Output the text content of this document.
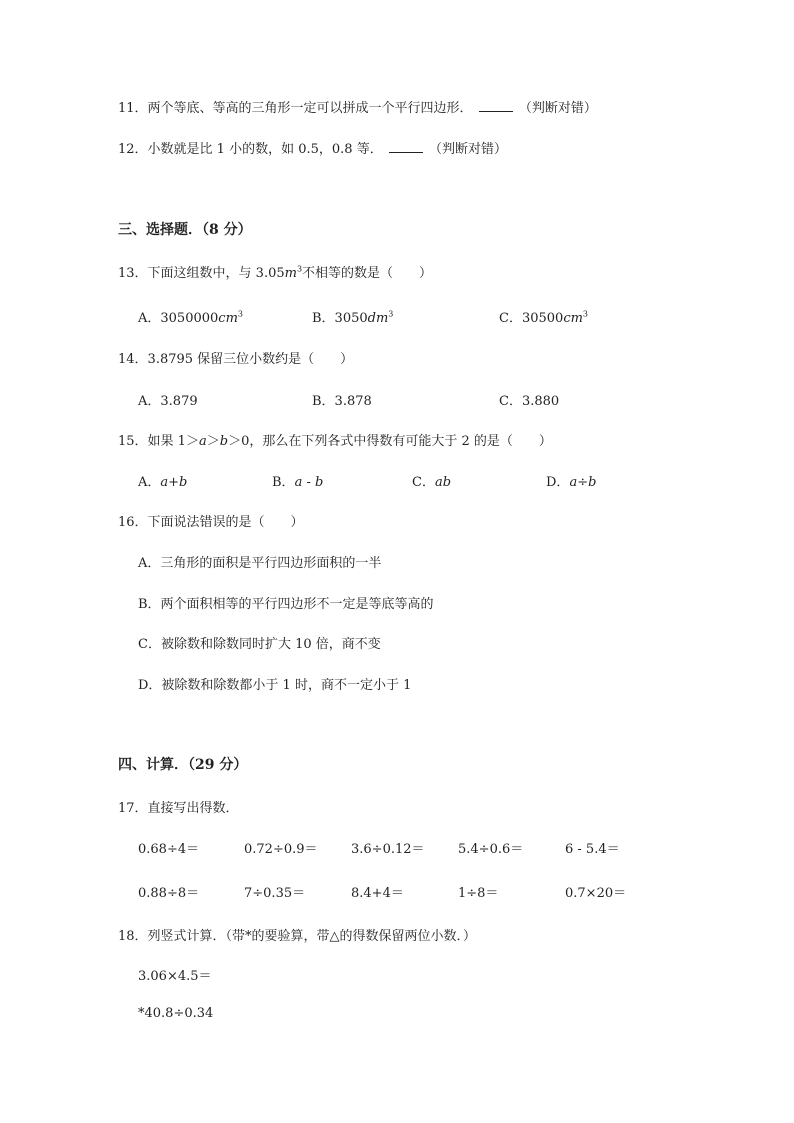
11．两个等底、等高的三角形一定可以拼成一个平行四边形．	（判断对错）
12．小数就是比 1 小的数，如 0.5，0.8 等．	（判断对错）
三、选择题．（8 分）
13．下面这组数中，与 $3.05m^3$不相等的数是（　　）
A．$3050000cm^3$	B．$3050dm^3$	C．$30500cm^3$
14．3.8795 保留三位小数约是（　　）
A．3.879	B．3.878	C．3.880
15．如果 1＞a＞b＞0，那么在下列各式中得数有可能大于 2 的是（　　）
A．a+b	B．a - b	C．ab	D．a÷b
16．下面说法错误的是（　　）
A．三角形的面积是平行四边形面积的一半
B．两个面积相等的平行四边形不一定是等底等高的
C．被除数和除数同时扩大 10 倍，商不变
D．被除数和除数都小于 1 时，商不一定小于 1
四、计算．（29 分）
17．直接写出得数．
0.68÷4＝	0.72÷0.9＝	3.6÷0.12＝	5.4÷0.6＝	6 - 5.4＝
0.88÷8＝	7÷0.35＝	8.4+4＝	1÷8＝	0.7×20＝
18．列竖式计算．（带*的要验算，带△的得数保留两位小数．）
3.06×4.5＝
*40.8÷0.34
